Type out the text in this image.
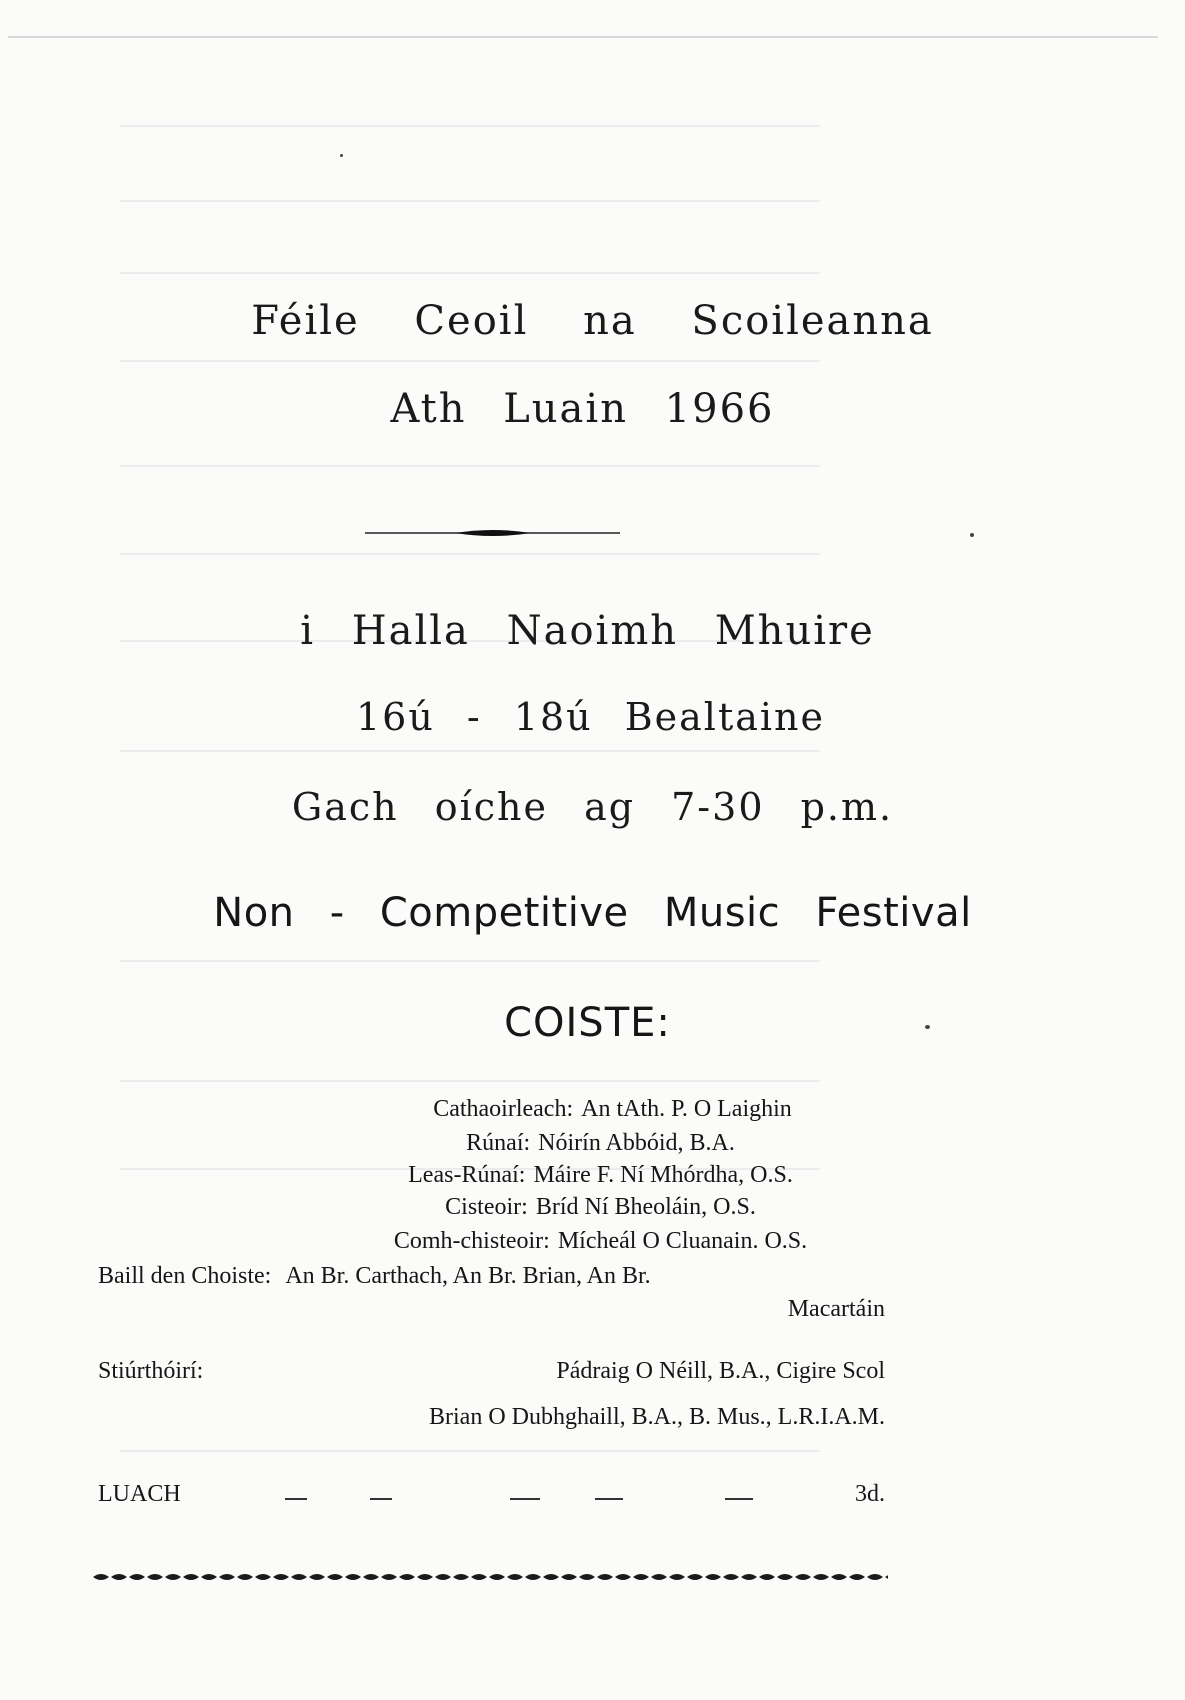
Féile Ceoil na Scoileanna
Ath Luain 1966
i Halla Naoimh Mhuire
16ú - 18ú Bealtaine
Gach oíche ag 7-30 p.m.
Non - Competitive Music Festival
COISTE:
Cathaoirleach: An tAth. P. O Laighin
Rúnaí: Nóirín Abbóid, B.A.
Leas-Rúnaí: Máire F. Ní Mhórdha, O.S.
Cisteoir: Bríd Ní Bheoláin, O.S.
Comh-chisteoir: Mícheál O Cluanain. O.S.
Baill den Choiste: An Br. Carthach, An Br. Brian, An Br.
Macartáin
Stiúrthóirí:	Pádraig O Néill, B.A., Cigire Scol
Brian O Dubhghaill, B.A., B. Mus., L.R.I.A.M.
LUACH	3d.
